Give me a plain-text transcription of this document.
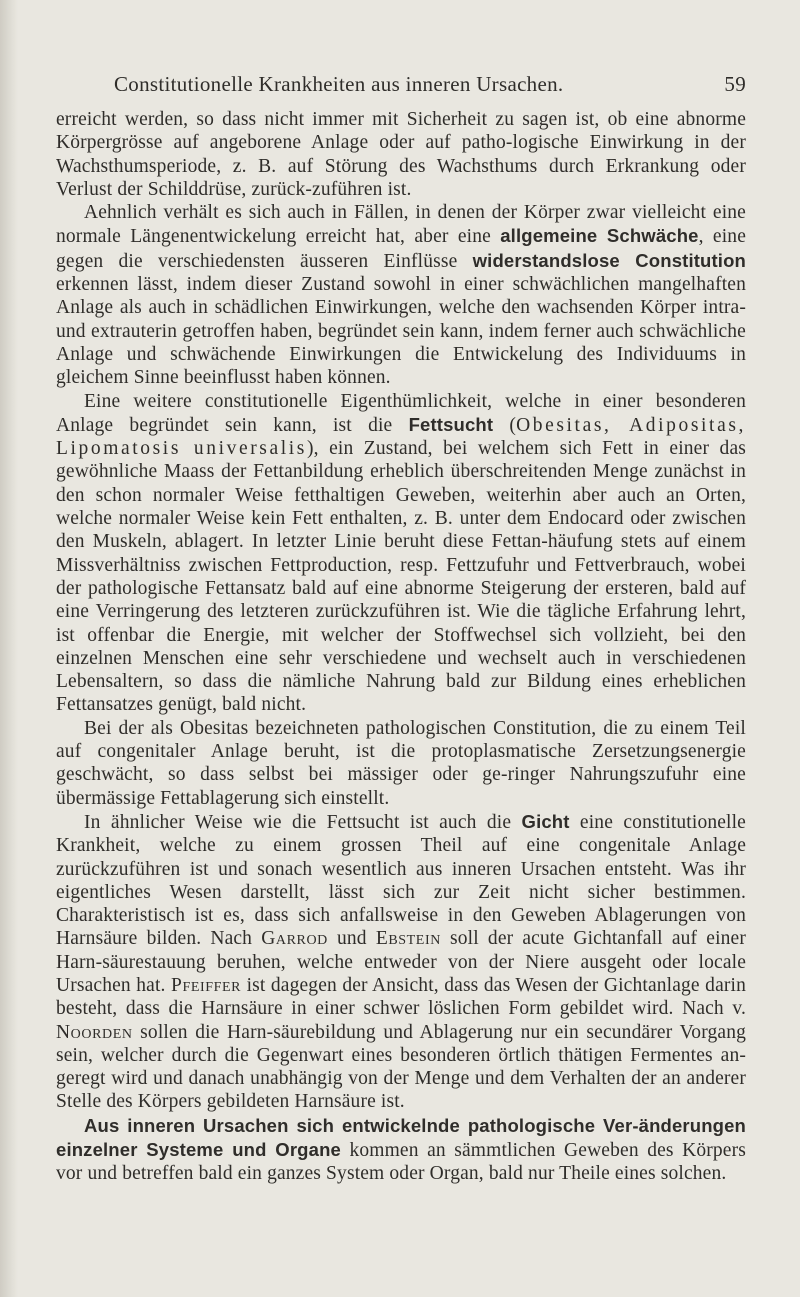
Constitutionelle Krankheiten aus inneren Ursachen.	59

erreicht werden, so dass nicht immer mit Sicherheit zu sagen ist, ob eine abnorme Körpergrösse auf angeborene Anlage oder auf patho-logische Einwirkung in der Wachsthumsperiode, z. B. auf Störung des Wachsthums durch Erkrankung oder Verlust der Schilddrüse, zurück-zuführen ist.

Aehnlich verhält es sich auch in Fällen, in denen der Körper zwar vielleicht eine normale Längenentwickelung erreicht hat, aber eine allgemeine Schwäche, eine gegen die verschiedensten äusseren Einflüsse widerstandslose Constitution erkennen lässt, indem dieser Zustand sowohl in einer schwächlichen mangelhaften Anlage als auch in schädlichen Einwirkungen, welche den wachsenden Körper intra- und extrauterin getroffen haben, begründet sein kann, indem ferner auch schwächliche Anlage und schwächende Einwirkungen die Entwickelung des Individuums in gleichem Sinne beeinflusst haben können.

Eine weitere constitutionelle Eigenthümlichkeit, welche in einer besonderen Anlage begründet sein kann, ist die Fettsucht (Obesitas, Adipositas, Lipomatosis universalis), ein Zustand, bei welchem sich Fett in einer das gewöhnliche Maass der Fettanbildung erheblich überschreitenden Menge zunächst in den schon normaler Weise fetthaltigen Geweben, weiterhin aber auch an Orten, welche normaler Weise kein Fett enthalten, z. B. unter dem Endocard oder zwischen den Muskeln, ablagert. In letzter Linie beruht diese Fettan-häufung stets auf einem Missverhältniss zwischen Fettproduction, resp. Fettzufuhr und Fettverbrauch, wobei der pathologische Fettansatz bald auf eine abnorme Steigerung der ersteren, bald auf eine Verringerung des letzteren zurückzuführen ist. Wie die tägliche Erfahrung lehrt, ist offenbar die Energie, mit welcher der Stoffwechsel sich vollzieht, bei den einzelnen Menschen eine sehr verschiedene und wechselt auch in verschiedenen Lebensaltern, so dass die nämliche Nahrung bald zur Bildung eines erheblichen Fettansatzes genügt, bald nicht.

Bei der als Obesitas bezeichneten pathologischen Constitution, die zu einem Teil auf congenitaler Anlage beruht, ist die protoplasmatische Zersetzungsenergie geschwächt, so dass selbst bei mässiger oder ge-ringer Nahrungszufuhr eine übermässige Fettablagerung sich einstellt.

In ähnlicher Weise wie die Fettsucht ist auch die Gicht eine constitutionelle Krankheit, welche zu einem grossen Theil auf eine congenitale Anlage zurückzuführen ist und sonach wesentlich aus inneren Ursachen entsteht. Was ihr eigentliches Wesen darstellt, lässt sich zur Zeit nicht sicher bestimmen. Charakteristisch ist es, dass sich anfallsweise in den Geweben Ablagerungen von Harnsäure bilden. Nach Garrod und Ebstein soll der acute Gichtanfall auf einer Harn-säurestauung beruhen, welche entweder von der Niere ausgeht oder locale Ursachen hat. Pfeiffer ist dagegen der Ansicht, dass das Wesen der Gichtanlage darin besteht, dass die Harnsäure in einer schwer löslichen Form gebildet wird. Nach v. Noorden sollen die Harn-säurebildung und Ablagerung nur ein secundärer Vorgang sein, welcher durch die Gegenwart eines besonderen örtlich thätigen Fermentes an-geregt wird und danach unabhängig von der Menge und dem Verhalten der an anderer Stelle des Körpers gebildeten Harnsäure ist.

Aus inneren Ursachen sich entwickelnde pathologische Ver-änderungen einzelner Systeme und Organe kommen an sämmtlichen Geweben des Körpers vor und betreffen bald ein ganzes System oder Organ, bald nur Theile eines solchen.
